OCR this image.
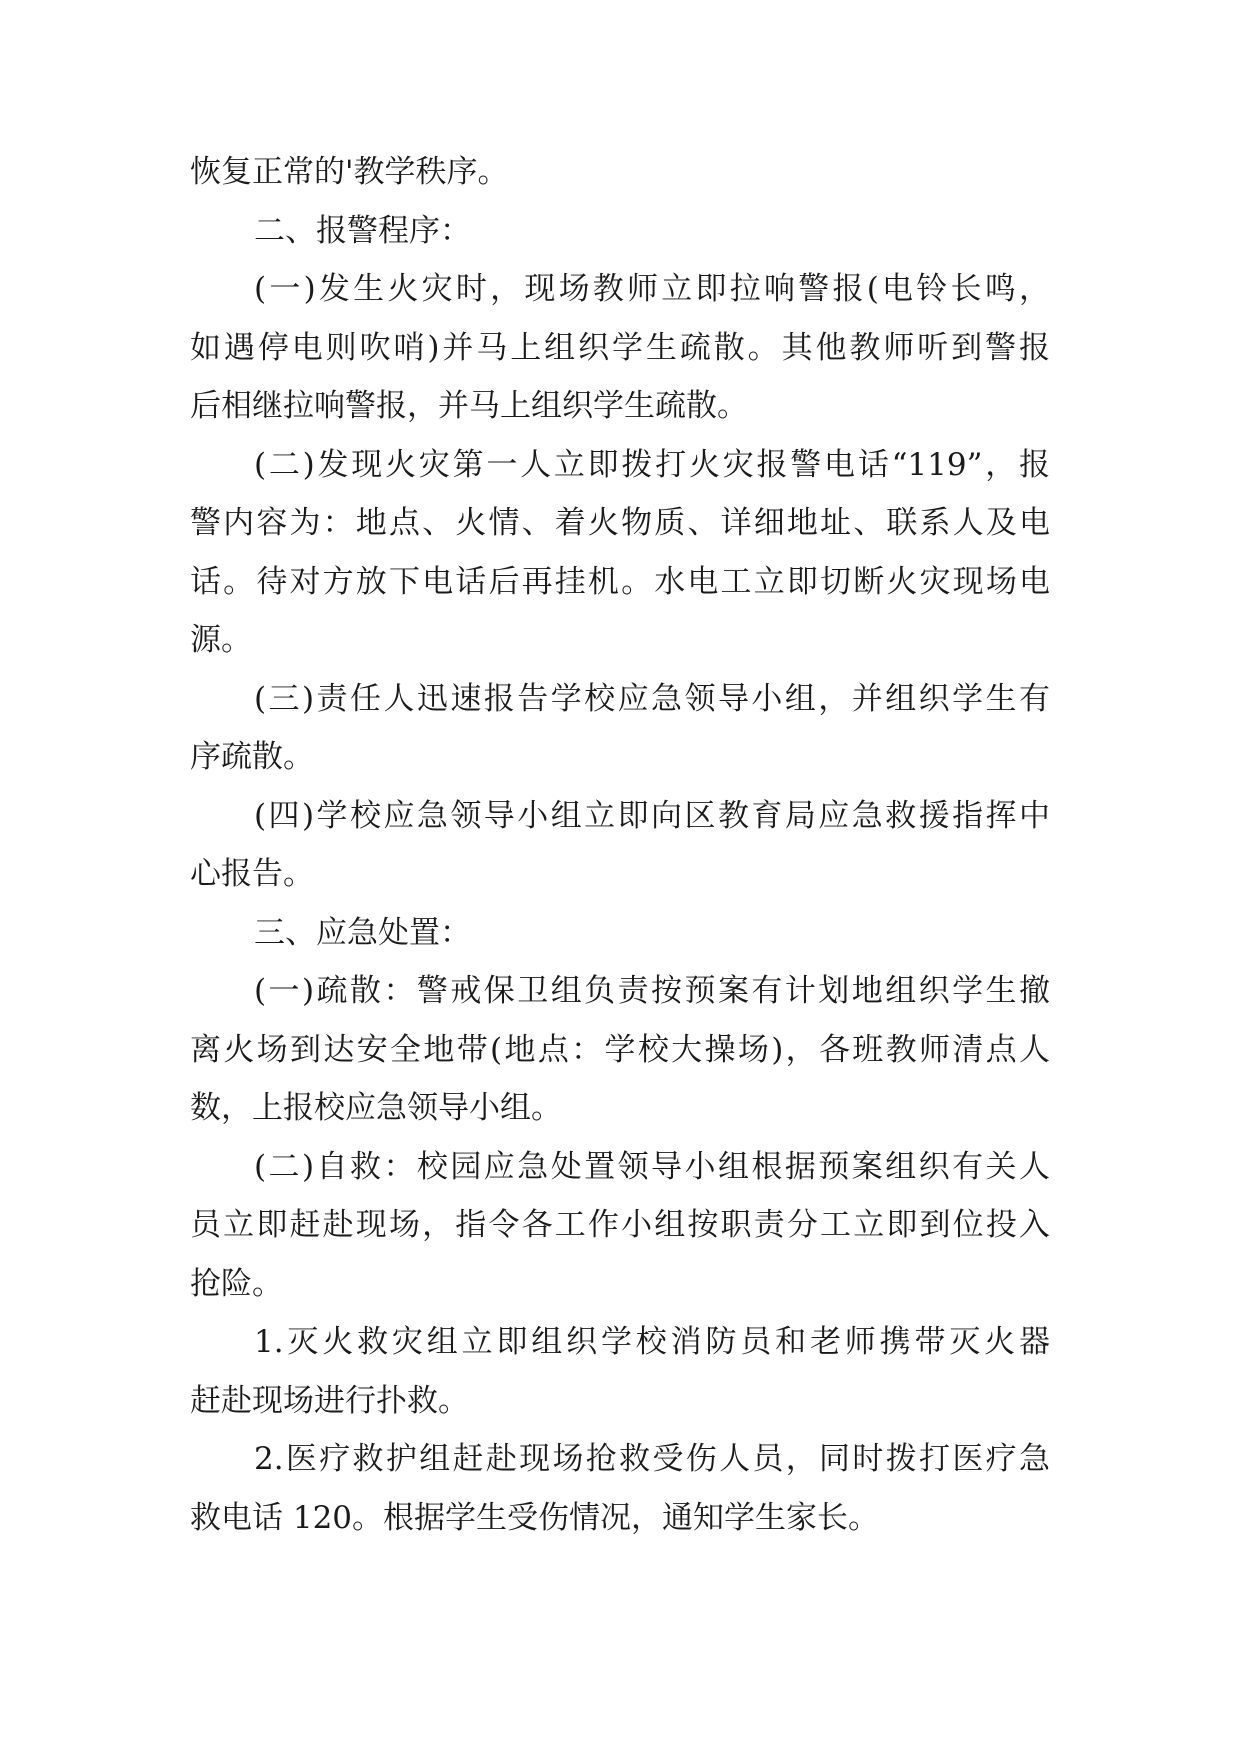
恢复正常的'教学秩序。
二、报警程序：
(一)发生火灾时，现场教师立即拉响警报(电铃长鸣，
如遇停电则吹哨)并马上组织学生疏散。其他教师听到警报
后相继拉响警报，并马上组织学生疏散。
(二)发现火灾第一人立即拨打火灾报警电话“119”，报
警内容为：地点、火情、着火物质、详细地址、联系人及电
话。待对方放下电话后再挂机。水电工立即切断火灾现场电
源。
(三)责任人迅速报告学校应急领导小组，并组织学生有
序疏散。
(四)学校应急领导小组立即向区教育局应急救援指挥中
心报告。
三、应急处置：
(一)疏散：警戒保卫组负责按预案有计划地组织学生撤
离火场到达安全地带(地点：学校大操场)，各班教师清点人
数，上报校应急领导小组。
(二)自救：校园应急处置领导小组根据预案组织有关人
员立即赶赴现场，指令各工作小组按职责分工立即到位投入
抢险。
1.灭火救灾组立即组织学校消防员和老师携带灭火器
赶赴现场进行扑救。
2.医疗救护组赶赴现场抢救受伤人员，同时拨打医疗急
救电话 120。根据学生受伤情况，通知学生家长。
